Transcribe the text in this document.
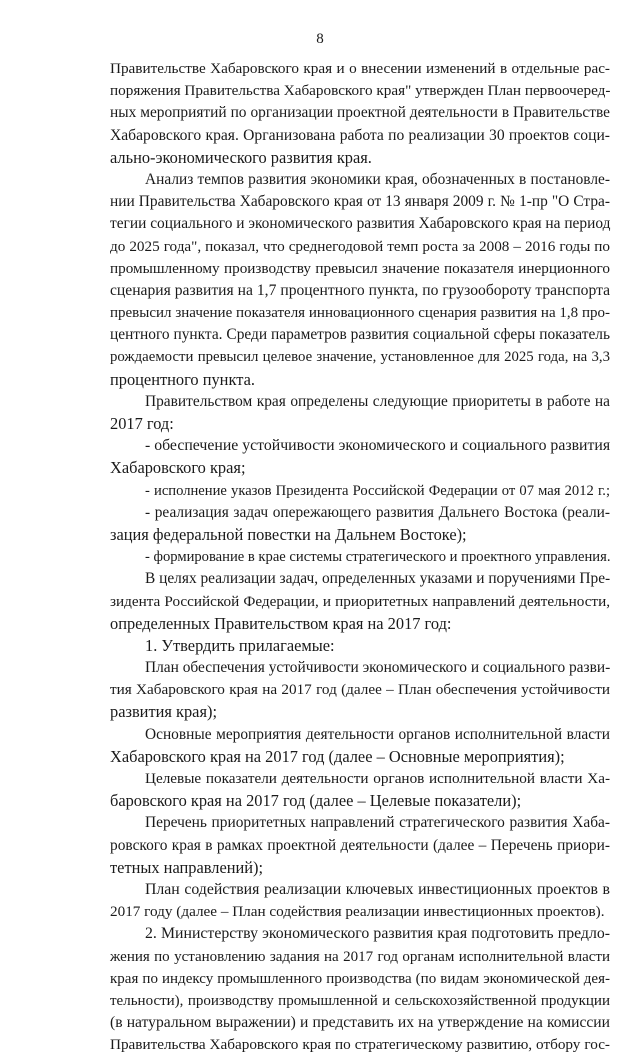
8
Правительстве Хабаровского края и о внесении изменений в отдельные рас-
поряжения Правительства Хабаровского края" утвержден План первоочеред-
ных мероприятий по организации проектной деятельности в Правительстве
Хабаровского края. Организована работа по реализации 30 проектов соци-
ально-экономического развития края.
Анализ темпов развития экономики края, обозначенных в постановле-
нии Правительства Хабаровского края от 13 января 2009 г. № 1-пр "О Стра-
тегии социального и экономического развития Хабаровского края на период
до 2025 года", показал, что среднегодовой темп роста за 2008 – 2016 годы по
промышленному производству превысил значение показателя инерционного
сценария развития на 1,7 процентного пункта, по грузообороту транспорта
превысил значение показателя инновационного сценария развития на 1,8 про-
центного пункта. Среди параметров развития социальной сферы показатель
рождаемости превысил целевое значение, установленное для 2025 года, на 3,3
процентного пункта.
Правительством края определены следующие приоритеты в работе на
2017 год:
- обеспечение устойчивости экономического и социального развития
Хабаровского края;
- исполнение указов Президента Российской Федерации от 07 мая 2012 г.;
- реализация задач опережающего развития Дальнего Востока (реали-
зация федеральной повестки на Дальнем Востоке);
- формирование в крае системы стратегического и проектного управления.
В целях реализации задач, определенных указами и поручениями Пре-
зидента Российской Федерации, и приоритетных направлений деятельности,
определенных Правительством края на 2017 год:
1. Утвердить прилагаемые:
План обеспечения устойчивости экономического и социального разви-
тия Хабаровского края на 2017 год (далее – План обеспечения устойчивости
развития края);
Основные мероприятия деятельности органов исполнительной власти
Хабаровского края на 2017 год (далее – Основные мероприятия);
Целевые показатели деятельности органов исполнительной власти Ха-
баровского края на 2017 год (далее – Целевые показатели);
Перечень приоритетных направлений стратегического развития Хаба-
ровского края в рамках проектной деятельности (далее – Перечень приори-
тетных направлений);
План содействия реализации ключевых инвестиционных проектов в
2017 году (далее – План содействия реализации инвестиционных проектов).
2. Министерству экономического развития края подготовить предло-
жения по установлению задания на 2017 год органам исполнительной власти
края по индексу промышленного производства (по видам экономической дея-
тельности), производству промышленной и сельскохозяйственной продукции
(в натуральном выражении) и представить их на утверждение на комиссии
Правительства Хабаровского края по стратегическому развитию, отбору гос-
